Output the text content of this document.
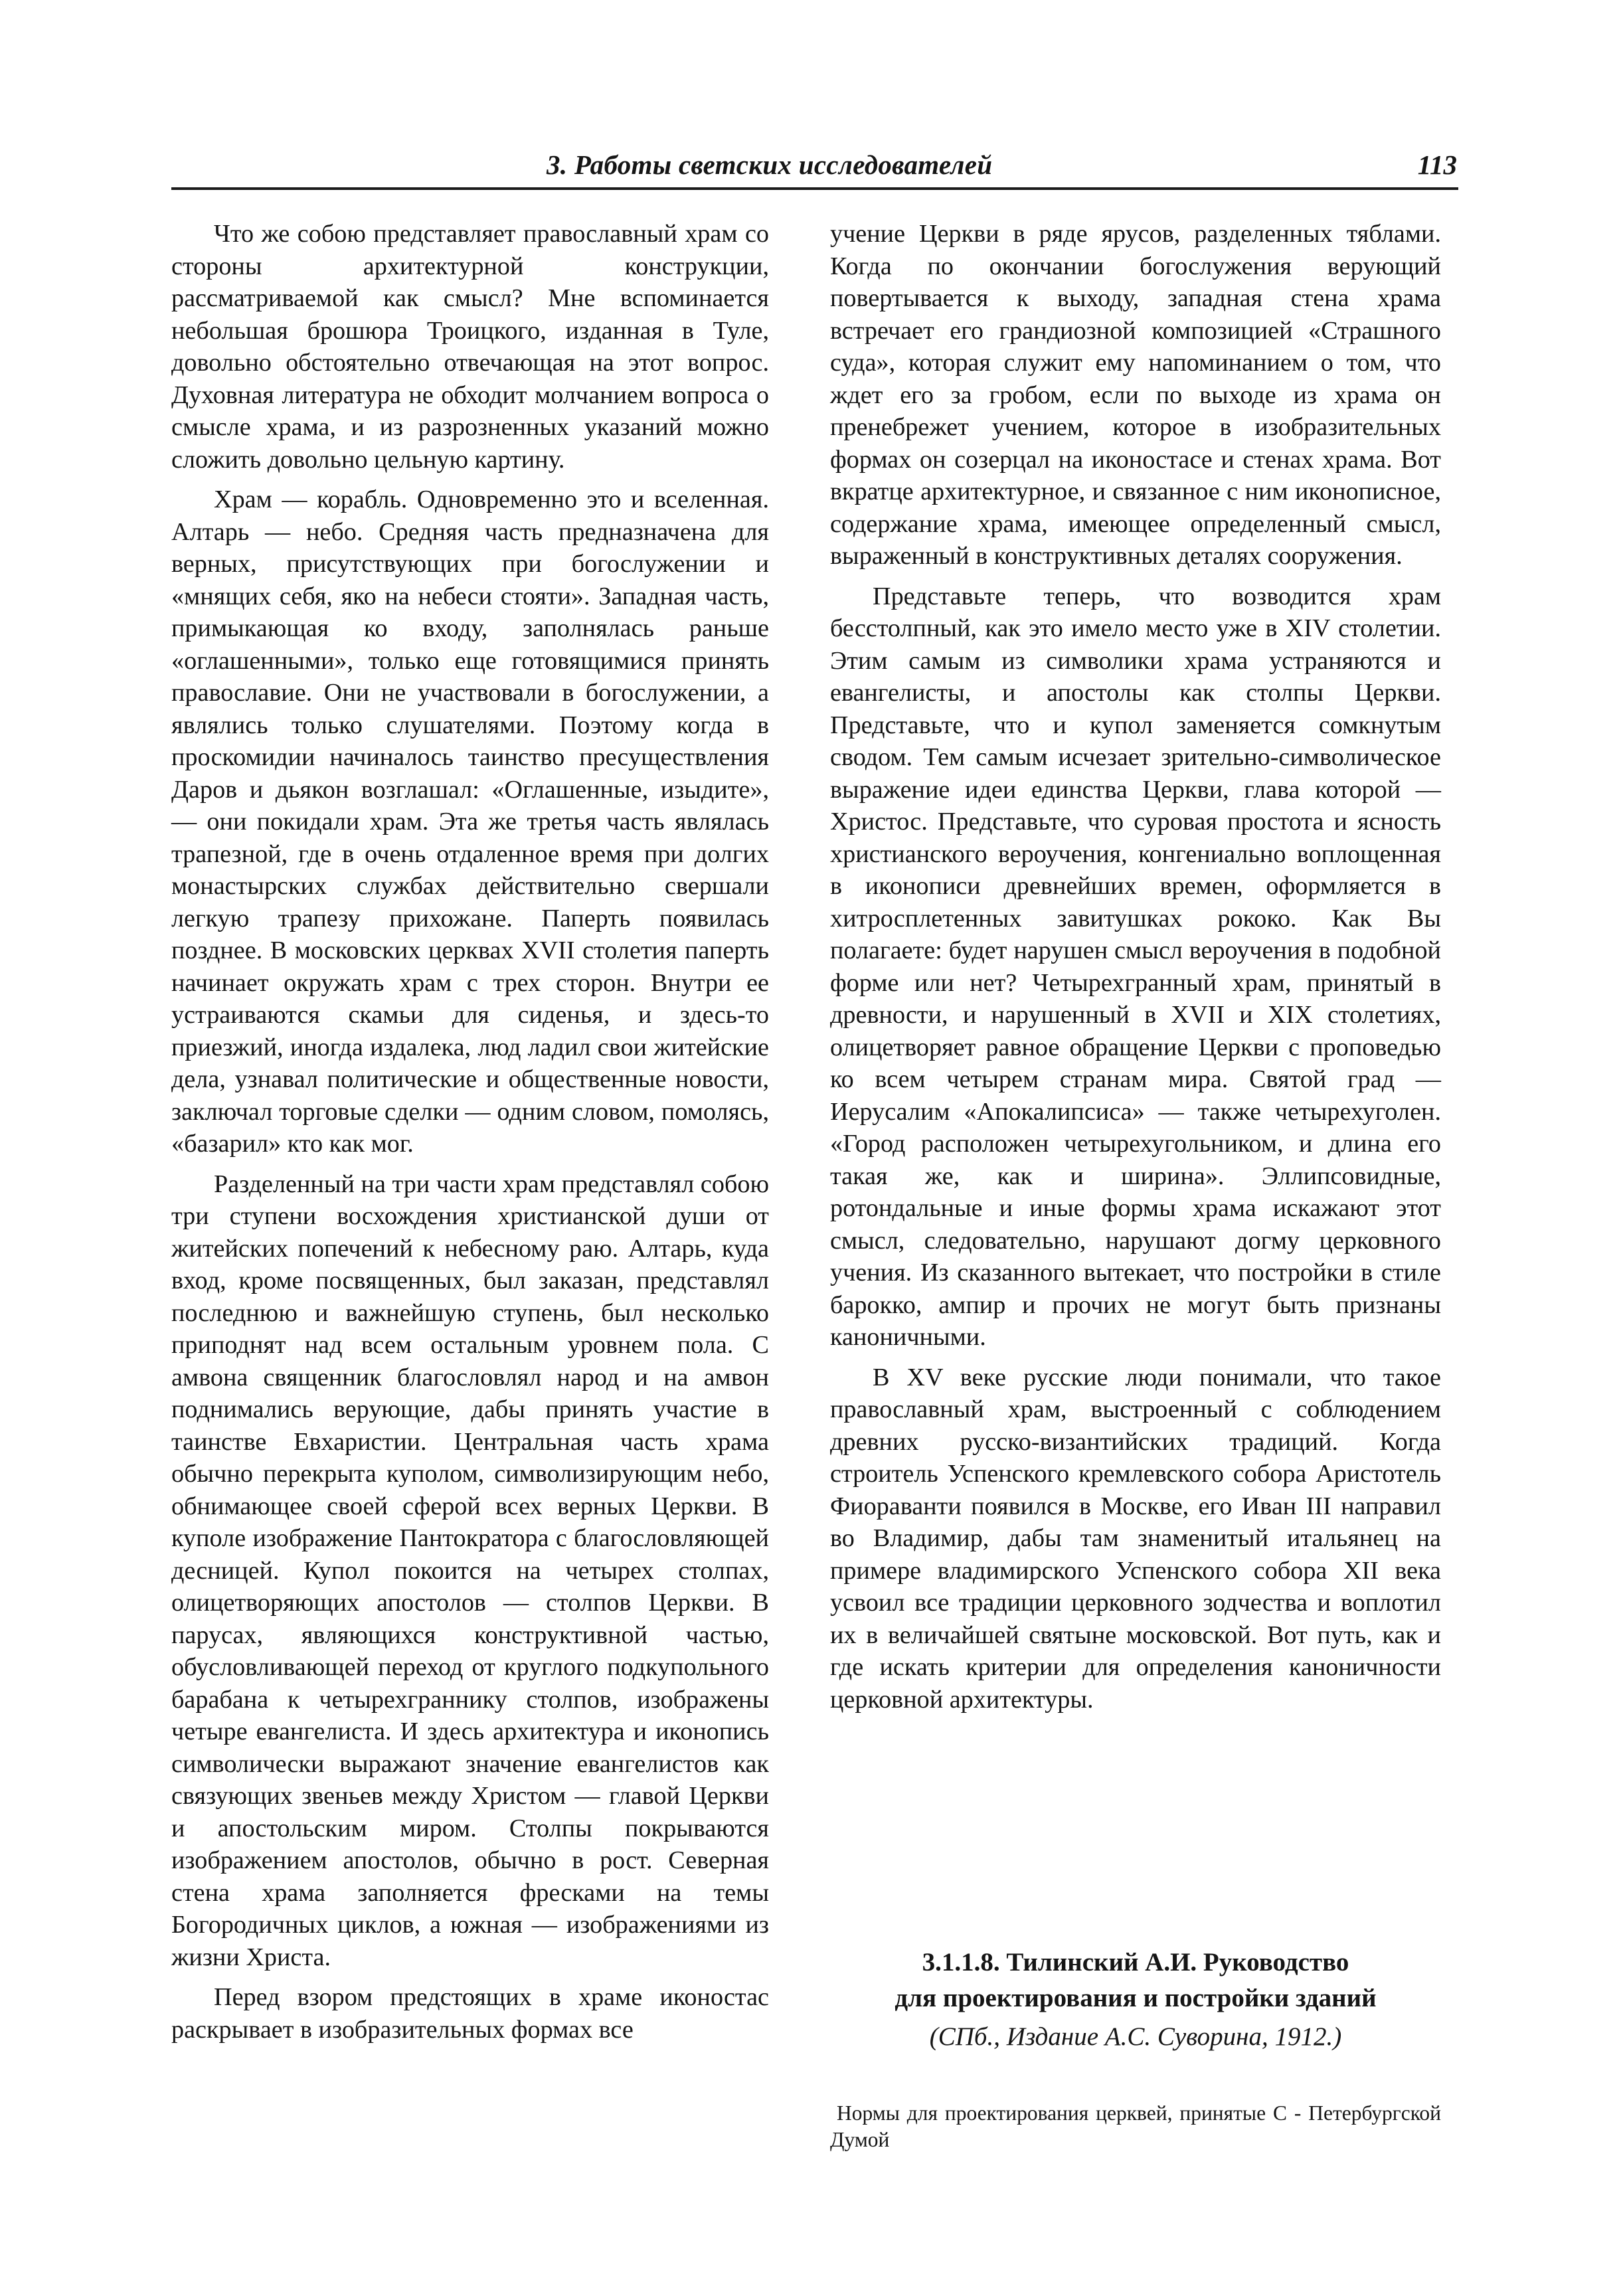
3. Работы светских исследователей	113

Что же собою представляет православный храм со стороны архитектурной конструкции, рассматриваемой как смысл? Мне вспоминается небольшая брошюра Троицкого, изданная в Туле, довольно обстоятельно отвечающая на этот вопрос. Духовная литература не обходит молчанием вопроса о смысле храма, и из разрозненных указаний можно сложить довольно цельную картину.

Храм — корабль. Одновременно это и вселенная. Алтарь — небо. Средняя часть предназначена для верных, присутствующих при богослужении и «мнящих себя, яко на небеси стояти». Западная часть, примыкающая ко входу, заполнялась раньше «оглашенными», только еще готовящимися принять православие. Они не участвовали в богослужении, а являлись только слушателями. Поэтому когда в проскомидии начиналось таинство пресуществления Даров и дьякон возглашал: «Оглашенные, изыдите», — они покидали храм. Эта же третья часть являлась трапезной, где в очень отдаленное время при долгих монастырских службах действительно свершали легкую трапезу прихожане. Паперть появилась позднее. В московских церквах XVII столетия паперть начинает окружать храм с трех сторон. Внутри ее устраиваются скамьи для сиденья, и здесь-то приезжий, иногда издалека, люд ладил свои житейские дела, узнавал политические и общественные новости, заключал торговые сделки — одним словом, помолясь, «базарил» кто как мог.

Разделенный на три части храм представлял собою три ступени восхождения христианской души от житейских попечений к небесному раю. Алтарь, куда вход, кроме посвященных, был заказан, представлял последнюю и важнейшую ступень, был несколько приподнят над всем остальным уровнем пола. С амвона священник благословлял народ и на амвон поднимались верующие, дабы принять участие в таинстве Евхаристии. Центральная часть храма обычно перекрыта куполом, символизирующим небо, обнимающее своей сферой всех верных Церкви. В куполе изображение Пантократора с благословляющей десницей. Купол покоится на четырех столпах, олицетворяющих апостолов — столпов Церкви. В парусах, являющихся конструктивной частью, обусловливающей переход от круглого подкупольного барабана к четырехграннику столпов, изображены четыре евангелиста. И здесь архитектура и иконопись символически выражают значение евангелистов как связующих звеньев между Христом — главой Церкви и апостольским миром. Столпы покрываются изображением апостолов, обычно в рост. Северная стена храма заполняется фресками на темы Богородичных циклов, а южная — изображениями из жизни Христа.

Перед взором предстоящих в храме иконостас раскрывает в изобразительных формах все

учение Церкви в ряде ярусов, разделенных тяблами. Когда по окончании богослужения верующий повертывается к выходу, западная стена храма встречает его грандиозной композицией «Страшного суда», которая служит ему напоминанием о том, что ждет его за гробом, если по выходе из храма он пренебрежет учением, которое в изобразительных формах он созерцал на иконостасе и стенах храма. Вот вкратце архитектурное, и связанное с ним иконописное, содержание храма, имеющее определенный смысл, выраженный в конструктивных деталях сооружения.

Представьте теперь, что возводится храм бесстолпный, как это имело место уже в XIV столетии. Этим самым из символики храма устраняются и евангелисты, и апостолы как столпы Церкви. Представьте, что и купол заменяется сомкнутым сводом. Тем самым исчезает зрительно-символическое выражение идеи единства Церкви, глава которой — Христос. Представьте, что суровая простота и ясность христианского вероучения, конгениально воплощенная в иконописи древнейших времен, оформляется в хитросплетенных завитушках рококо. Как Вы полагаете: будет нарушен смысл вероучения в подобной форме или нет? Четырехгранный храм, принятый в древности, и нарушенный в XVII и XIX столетиях, олицетворяет равное обращение Церкви с проповедью ко всем четырем странам мира. Святой град — Иерусалим «Апокалипсиса» — также четырехуголен. «Город расположен четырехугольником, и длина его такая же, как и ширина». Эллипсовидные, ротондальные и иные формы храма искажают этот смысл, следовательно, нарушают догму церковного учения. Из сказанного вытекает, что постройки в стиле барокко, ампир и прочих не могут быть признаны каноничными.

В XV веке русские люди понимали, что такое православный храм, выстроенный с соблюдением древних русско-византийских традиций. Когда строитель Успенского кремлевского собора Аристотель Фиораванти появился в Москве, его Иван III направил во Владимир, дабы там знаменитый итальянец на примере владимирского Успенского собора XII века усвоил все традиции церковного зодчества и воплотил их в величайшей святыне московской. Вот путь, как и где искать критерии для определения каноничности церковной архитектуры.

3.1.1.8. Тилинский А.И. Руководство
для проектирования и постройки зданий
(СПб., Издание А.С. Суворина, 1912.)
Нормы для проектирования церквей, принятые С - Петербургской Думой
